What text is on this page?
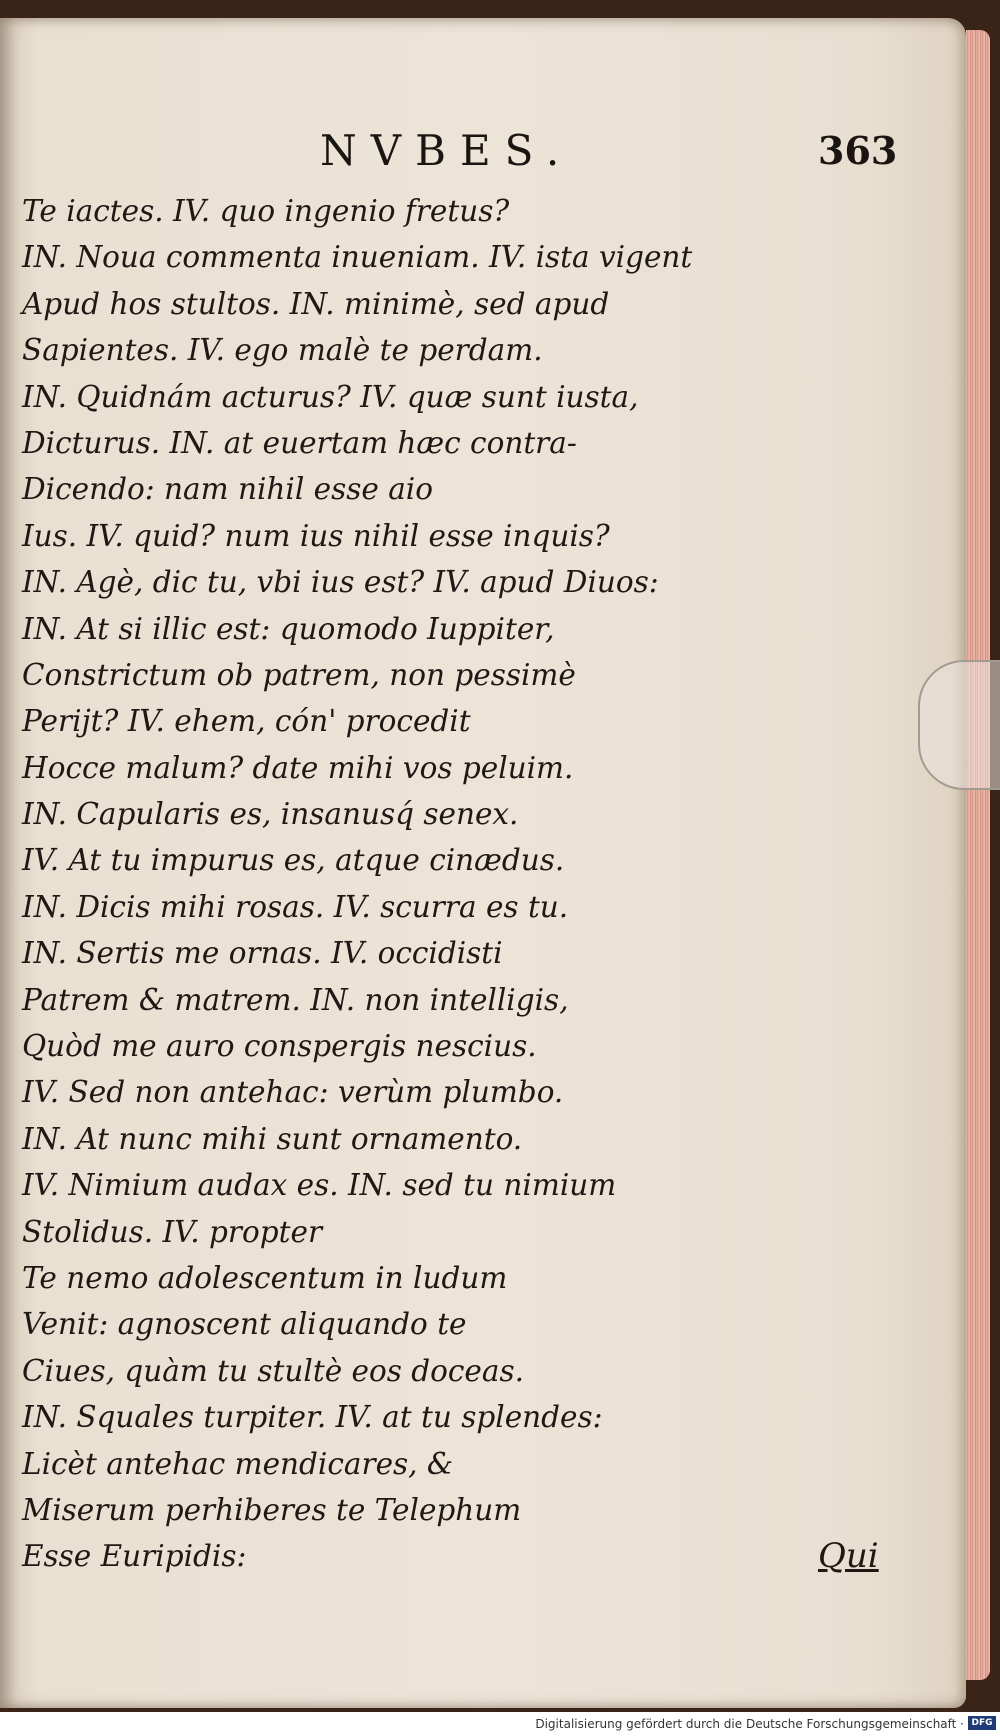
NVBES.	363
Te iactes. IV. quo ingenio fretus?
IN. Noua commenta inueniam. IV. ista vigent
Apud hos stultos. IN. minimè, sed apud
Sapientes. IV. ego malè te perdam.
IN. Quidnám acturus? IV. quæ sunt iusta,
Dicturus. IN. at euertam hæc contra-
Dicendo: nam nihil esse aio
Ius. IV. quid? num ius nihil esse inquis?
IN. Agè, dic tu, vbi ius est? IV. apud Diuos:
IN. At si illic est: quomodo Iuppiter,
Constrictum ob patrem, non pessimè
Perijt? IV. ehem, cón' procedit
Hocce malum? date mihi vos peluim.
IN. Capularis es, insanusq́ senex.
IV. At tu impurus es, atque cinædus.
IN. Dicis mihi rosas. IV. scurra es tu.
IN. Sertis me ornas. IV. occidisti
Patrem & matrem. IN. non intelligis,
Quòd me auro conspergis nescius.
IV. Sed non antehac: verùm plumbo.
IN. At nunc mihi sunt ornamento.
IV. Nimium audax es. IN. sed tu nimium
Stolidus. IV. propter
Te nemo adolescentum in ludum
Venit: agnoscent aliquando te
Ciues, quàm tu stultè eos doceas.
IN. Squales turpiter. IV. at tu splendes:
Licèt antehac mendicares, &
Miserum perhiberes te Telephum
Esse Euripidis:	Qui
Digitalisierung gefördert durch die Deutsche Forschungsgemeinschaft · DFG
